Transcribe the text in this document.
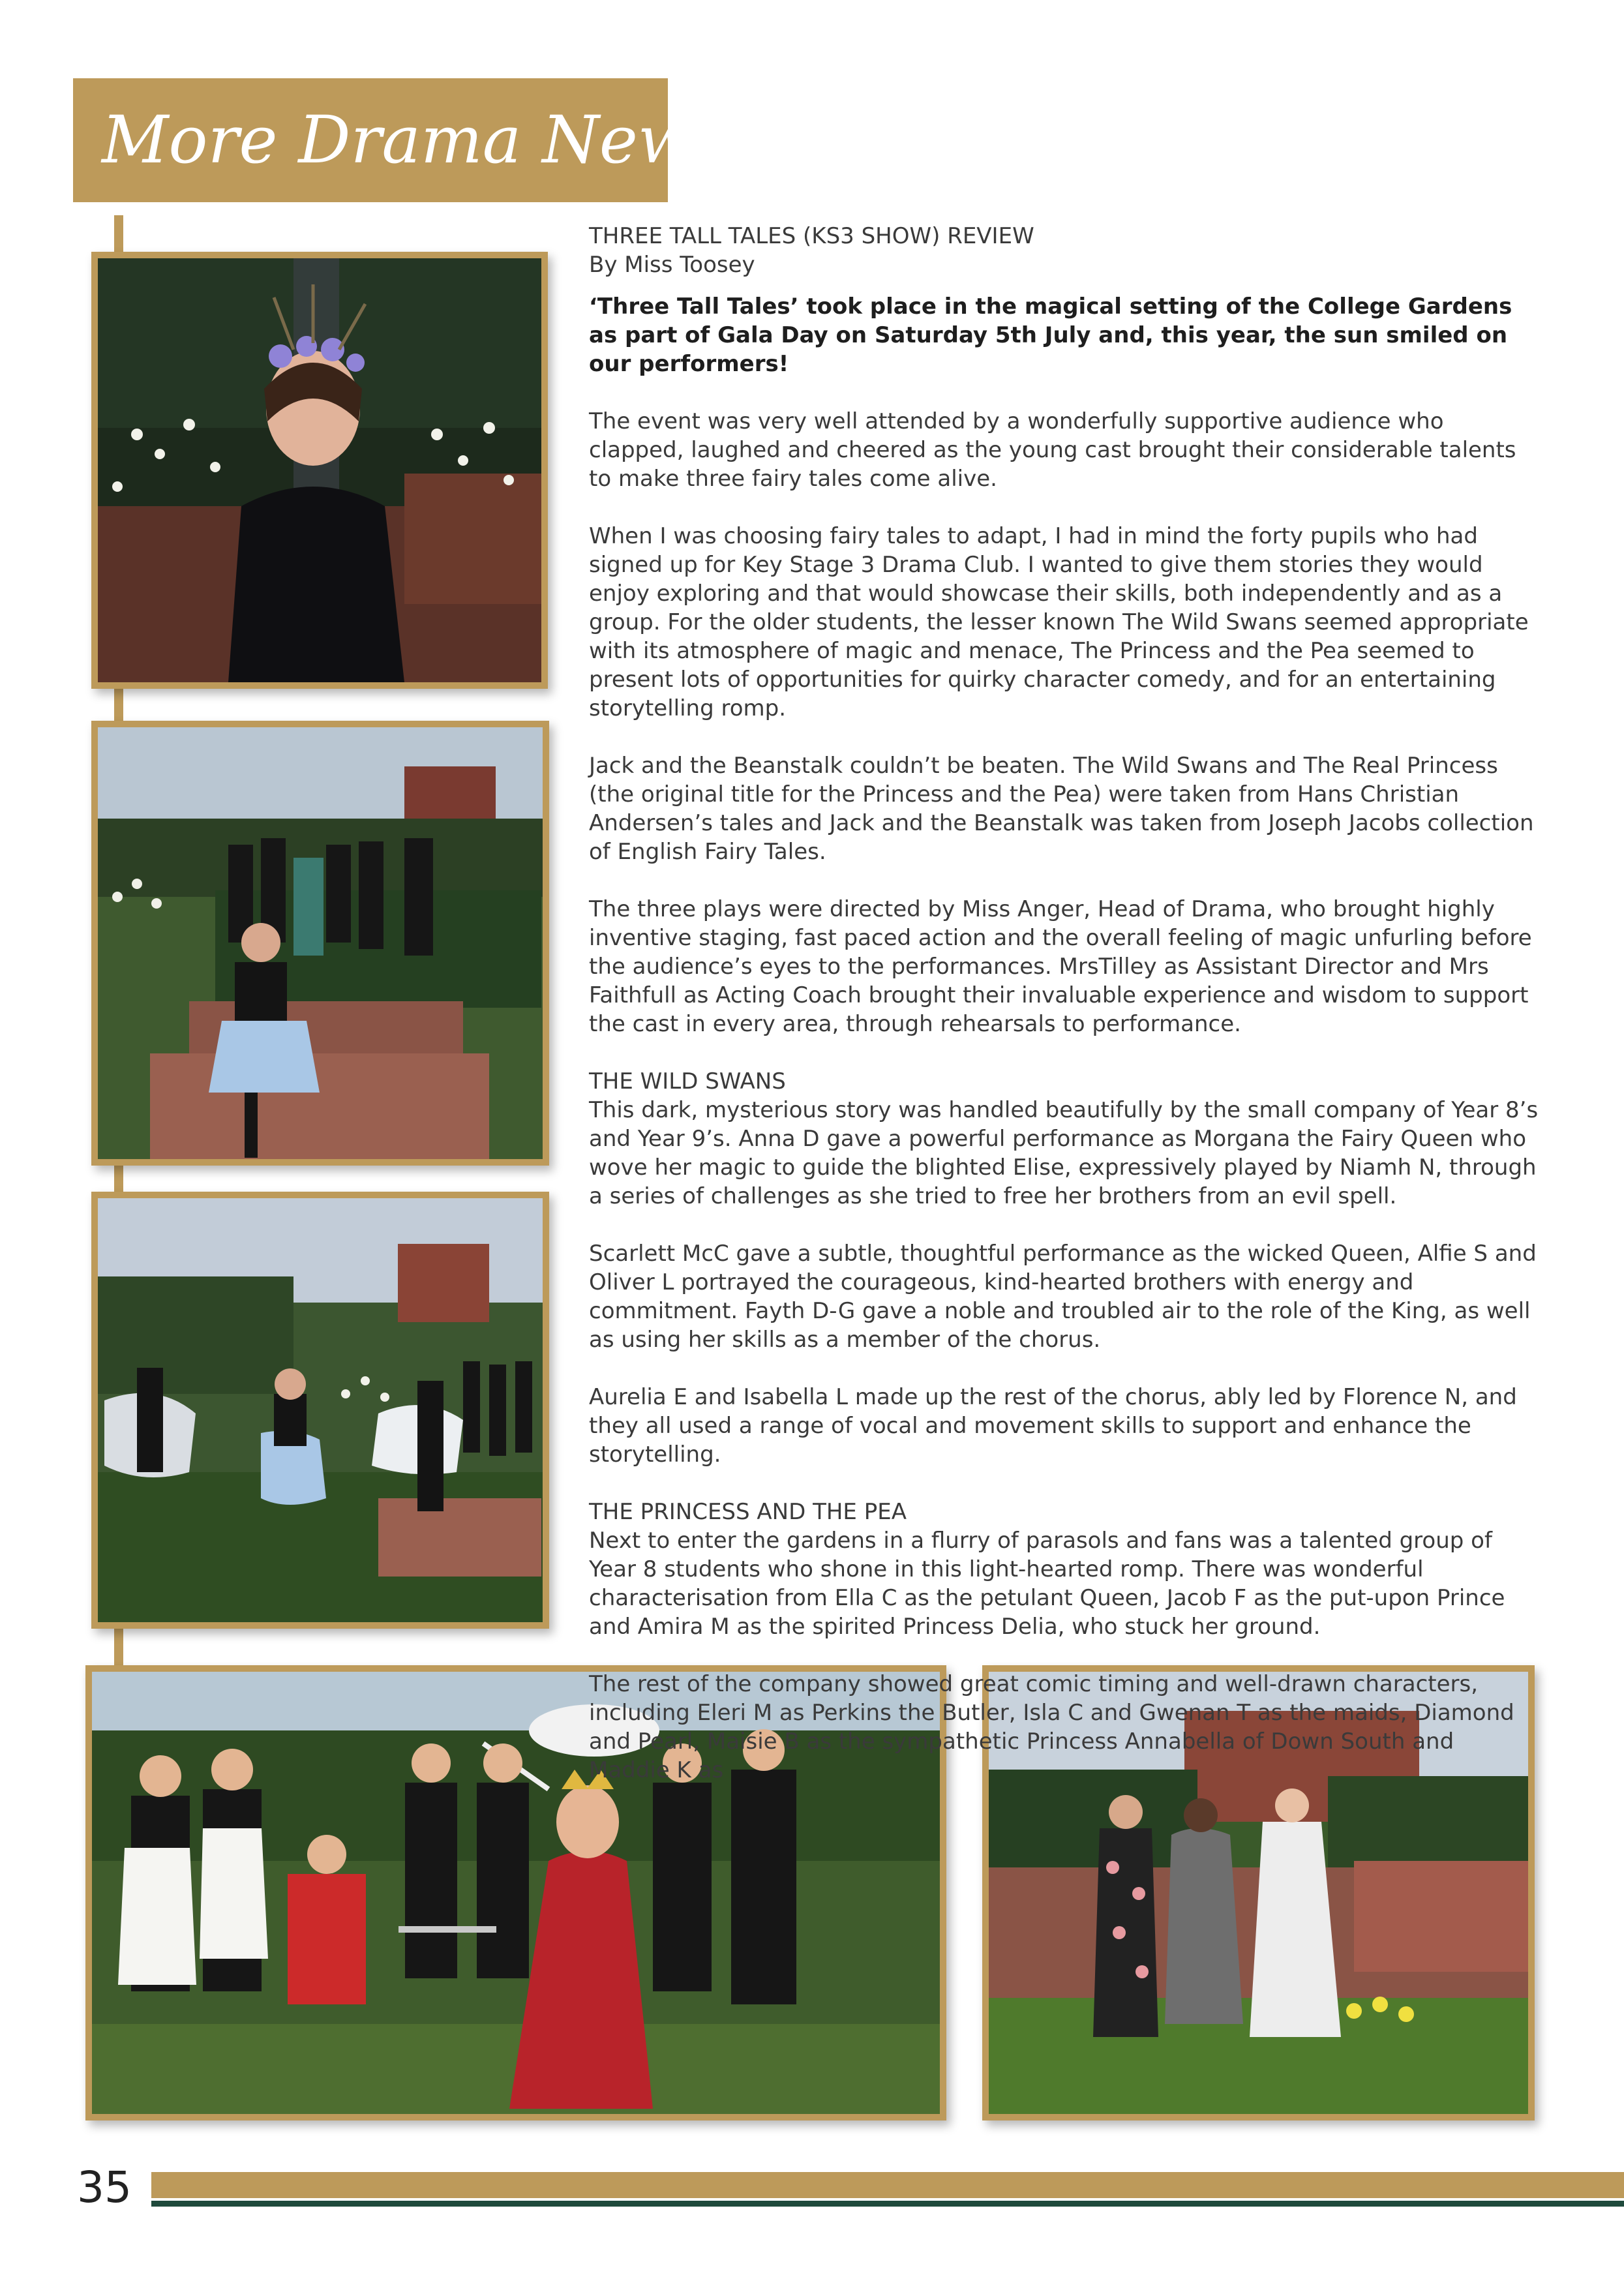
More Drama News
THREE TALL TALES (KS3 SHOW) REVIEW

By Miss Toosey

‘Three Tall Tales’ took place in the magical setting of the College Gardens as part of Gala Day on Saturday 5th July and, this year, the sun smiled on our performers!

The event was very well attended by a wonderfully supportive audience who clapped, laughed and cheered as the young cast brought their considerable talents to make three fairy tales come alive.

When I was choosing fairy tales to adapt, I had in mind the forty pupils who had signed up for Key Stage 3 Drama Club. I wanted to give them stories they would enjoy exploring and that would showcase their skills, both independently and as a group. For the older students, the lesser known The Wild Swans seemed appropriate with its atmosphere of magic and menace, The Princess and the Pea seemed to present lots of opportunities for quirky character comedy, and for an entertaining storytelling romp.

Jack and the Beanstalk couldn’t be beaten. The Wild Swans and The Real Princess (the original title for the Princess and the Pea) were taken from Hans Christian Andersen’s tales and Jack and the Beanstalk was taken from Joseph Jacobs collection of English Fairy Tales.

The three plays were directed by Miss Anger, Head of Drama, who brought highly inventive staging, fast paced action and the overall feeling of magic unfurling before the audience’s eyes to the performances. MrsTilley as Assistant Director and Mrs Faithfull as Acting Coach brought their invaluable experience and wisdom to support the cast in every area, through rehearsals to performance.

THE WILD SWANS

This dark, mysterious story was handled beautifully by the small company of Year 8’s and Year 9’s. Anna D gave a powerful performance as Morgana the Fairy Queen who wove her magic to guide the blighted Elise, expressively played by Niamh N, through a series of challenges as she tried to free her brothers from an evil spell.

Scarlett McC gave a subtle, thoughtful performance as the wicked Queen, Alfie S and Oliver L portrayed the courageous, kind-hearted brothers with energy and commitment. Fayth D-G gave a noble and troubled air to the role of the King, as well as using her skills as a member of the chorus.

Aurelia E and Isabella L made up the rest of the chorus, ably led by Florence N, and they all used a range of vocal and movement skills to support and enhance the storytelling.

THE PRINCESS AND THE PEA

Next to enter the gardens in a flurry of parasols and fans was a talented group of Year 8 students who shone in this light-hearted romp. There was wonderful characterisation from Ella C as the petulant Queen, Jacob F as the put-upon Prince and Amira M as the spirited Princess Delia, who stuck her ground.

The rest of the company showed great comic timing and well-drawn characters, including Eleri M as Perkins the Butler, Isla C and Gwenan T as the maids, Diamond and Pearl, Maisie B as the sympathetic Princess Annabella of Down South and Maddie K as

35
